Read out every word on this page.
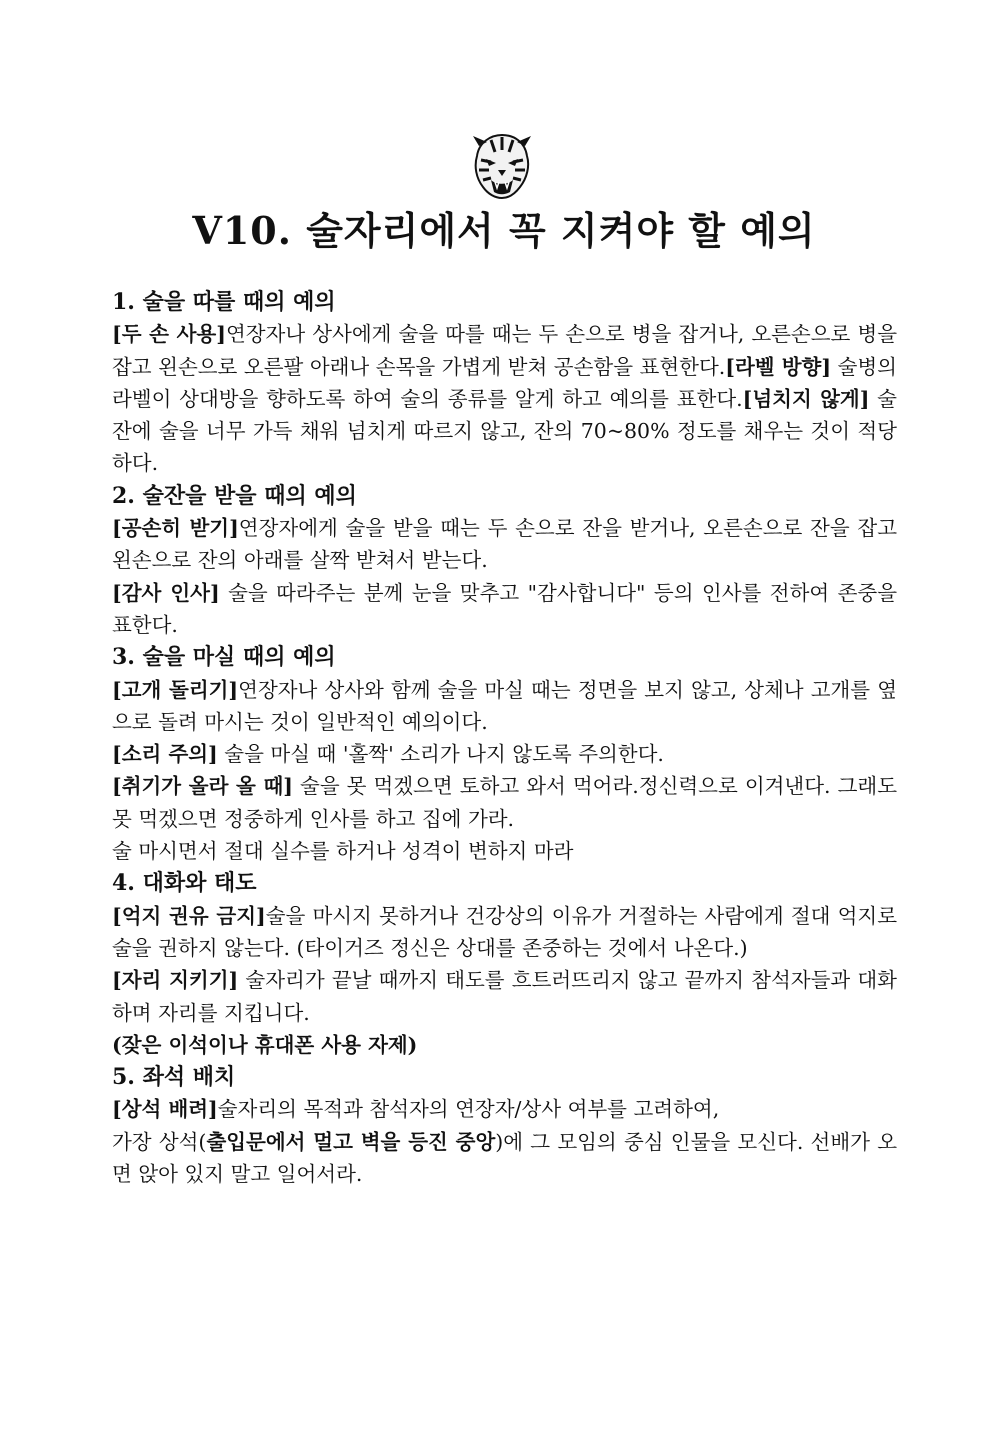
V10. 술자리에서 꼭 지켜야 할 예의
1. 술을 따를 때의 예의
[두 손 사용]연장자나 상사에게 술을 따를 때는 두 손으로 병을 잡거나, 오른손으로 병을 잡고 왼손으로 오른팔 아래나 손목을 가볍게 받쳐 공손함을 표현한다.[라벨 방향] 술병의 라벨이 상대방을 향하도록 하여 술의 종류를 알게 하고 예의를 표한다.[넘치지 않게] 술잔에 술을 너무 가득 채워 넘치게 따르지 않고, 잔의 70~80% 정도를 채우는 것이 적당하다.
2. 술잔을 받을 때의 예의
[공손히 받기]연장자에게 술을 받을 때는 두 손으로 잔을 받거나, 오른손으로 잔을 잡고 왼손으로 잔의 아래를 살짝 받쳐서 받는다.
[감사 인사] 술을 따라주는 분께 눈을 맞추고 "감사합니다" 등의 인사를 전하여 존중을 표한다.
3. 술을 마실 때의 예의
[고개 돌리기]연장자나 상사와 함께 술을 마실 때는 정면을 보지 않고, 상체나 고개를 옆으로 돌려 마시는 것이 일반적인 예의이다.
[소리 주의] 술을 마실 때 '홀짝' 소리가 나지 않도록 주의한다.
[취기가 올라 올 때] 술을 못 먹겠으면 토하고 와서 먹어라.정신력으로 이겨낸다. 그래도 못 먹겠으면 정중하게 인사를 하고 집에 가라.
술 마시면서 절대 실수를 하거나 성격이 변하지 마라
4. 대화와 태도
[억지 권유 금지]술을 마시지 못하거나 건강상의 이유가 거절하는 사람에게 절대 억지로 술을 권하지 않는다. (타이거즈 정신은 상대를 존중하는 것에서 나온다.)
[자리 지키기] 술자리가 끝날 때까지 태도를 흐트러뜨리지 않고 끝까지 참석자들과 대화하며 자리를 지킵니다.
(잦은 이석이나 휴대폰 사용 자제)
5. 좌석 배치
[상석 배려]술자리의 목적과 참석자의 연장자/상사 여부를 고려하여,
가장 상석(출입문에서 멀고 벽을 등진 중앙)에 그 모임의 중심 인물을 모신다. 선배가 오면 앉아 있지 말고 일어서라.
